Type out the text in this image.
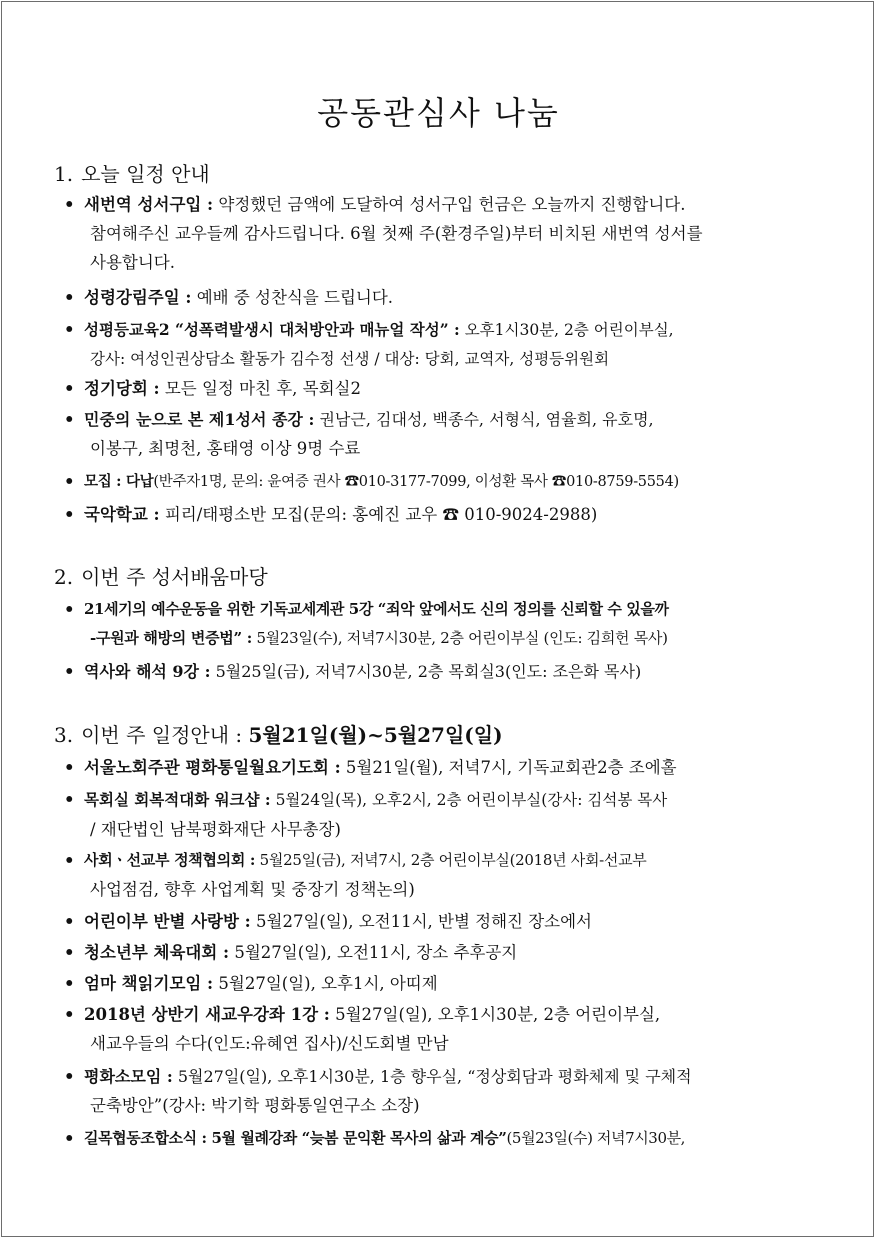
공동관심사 나눔
1. 오늘 일정 안내
• 새번역 성서구입 : 약정했던 금액에 도달하여 성서구입 헌금은 오늘까지 진행합니다.
참여해주신 교우들께 감사드립니다. 6월 첫째 주(환경주일)부터 비치된 새번역 성서를
사용합니다.
• 성령강림주일 : 예배 중 성찬식을 드립니다.
• 성평등교육2 “성폭력발생시 대처방안과 매뉴얼 작성” : 오후1시30분, 2층 어린이부실,
강사: 여성인권상담소 활동가 김수정 선생 / 대상: 당회, 교역자, 성평등위원회
• 정기당회 : 모든 일정 마친 후, 목회실2
• 민중의 눈으로 본 제1성서 종강 : 권남근, 김대성, 백종수, 서형식, 염율희, 유호명,
이봉구, 최명천, 홍태영 이상 9명 수료
• 모집 : 다납(반주자1명, 문의: 윤여증 권사 ☎010-3177-7099, 이성환 목사 ☎010-8759-5554)
• 국악학교 : 피리/태평소반 모집(문의: 홍예진 교우 ☎ 010-9024-2988)
2. 이번 주 성서배움마당
• 21세기의 예수운동을 위한 기독교세계관 5강 “죄악 앞에서도 신의 정의를 신뢰할 수 있을까
-구원과 해방의 변증법” : 5월23일(수), 저녁7시30분, 2층 어린이부실 (인도: 김희헌 목사)
• 역사와 해석 9강 : 5월25일(금), 저녁7시30분, 2층 목회실3(인도: 조은화 목사)
3. 이번 주 일정안내 : 5월21일(월)~5월27일(일)
• 서울노회주관 평화통일월요기도회 : 5월21일(월), 저녁7시, 기독교회관2층 조에홀
• 목회실 회복적대화 워크샵 : 5월24일(목), 오후2시, 2층 어린이부실(강사: 김석봉 목사
/ 재단법인 남북평화재단 사무총장)
• 사회ㆍ선교부 정책협의회 : 5월25일(금), 저녁7시, 2층 어린이부실(2018년 사회-선교부
사업점검, 향후 사업계획 및 중장기 정책논의)
• 어린이부 반별 사랑방 : 5월27일(일), 오전11시, 반별 정해진 장소에서
• 청소년부 체육대회 : 5월27일(일), 오전11시, 장소 추후공지
• 엄마 책읽기모임 : 5월27일(일), 오후1시, 아띠제
• 2018년 상반기 새교우강좌 1강 : 5월27일(일), 오후1시30분, 2층 어린이부실,
새교우들의 수다(인도:유혜연 집사)/신도회별 만남
• 평화소모임 : 5월27일(일), 오후1시30분, 1층 향우실, “정상회담과 평화체제 및 구체적
군축방안”(강사: 박기학 평화통일연구소 소장)
• 길목협동조합소식 : 5월 월례강좌 “늦봄 문익환 목사의 삶과 계승”(5월23일(수) 저녁7시30분,
